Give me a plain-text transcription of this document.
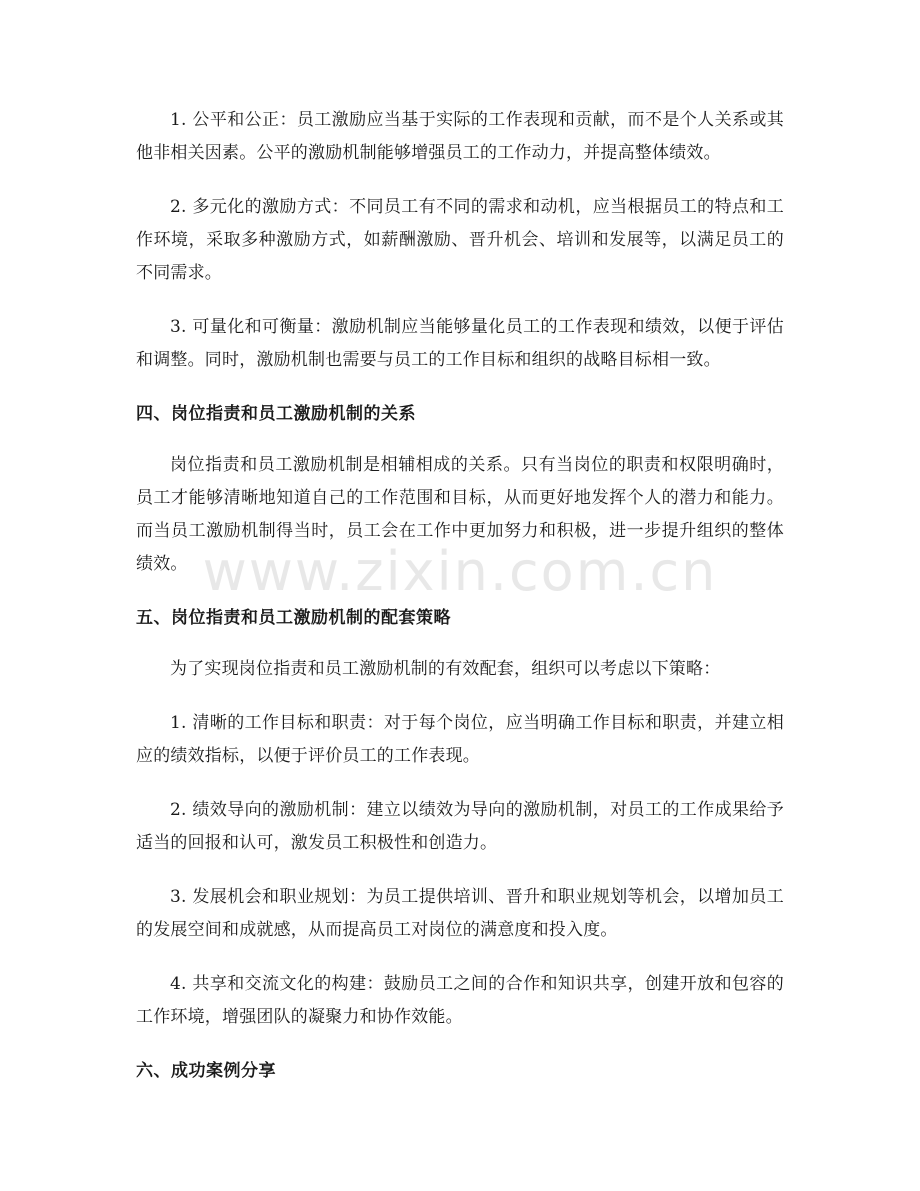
1. 公平和公正：员工激励应当基于实际的工作表现和贡献，而不是个人关系或其他非相关因素。公平的激励机制能够增强员工的工作动力，并提高整体绩效。

2. 多元化的激励方式：不同员工有不同的需求和动机，应当根据员工的特点和工作环境，采取多种激励方式，如薪酬激励、晋升机会、培训和发展等，以满足员工的不同需求。

3. 可量化和可衡量：激励机制应当能够量化员工的工作表现和绩效，以便于评估和调整。同时，激励机制也需要与员工的工作目标和组织的战略目标相一致。

四、岗位指责和员工激励机制的关系

岗位指责和员工激励机制是相辅相成的关系。只有当岗位的职责和权限明确时，员工才能够清晰地知道自己的工作范围和目标，从而更好地发挥个人的潜力和能力。而当员工激励机制得当时，员工会在工作中更加努力和积极，进一步提升组织的整体绩效。

五、岗位指责和员工激励机制的配套策略

为了实现岗位指责和员工激励机制的有效配套，组织可以考虑以下策略：

1. 清晰的工作目标和职责：对于每个岗位，应当明确工作目标和职责，并建立相应的绩效指标，以便于评价员工的工作表现。

2. 绩效导向的激励机制：建立以绩效为导向的激励机制，对员工的工作成果给予适当的回报和认可，激发员工积极性和创造力。

3. 发展机会和职业规划：为员工提供培训、晋升和职业规划等机会，以增加员工的发展空间和成就感，从而提高员工对岗位的满意度和投入度。

4. 共享和交流文化的构建：鼓励员工之间的合作和知识共享，创建开放和包容的工作环境，增强团队的凝聚力和协作效能。

六、成功案例分享
www.zixin.com.cn
